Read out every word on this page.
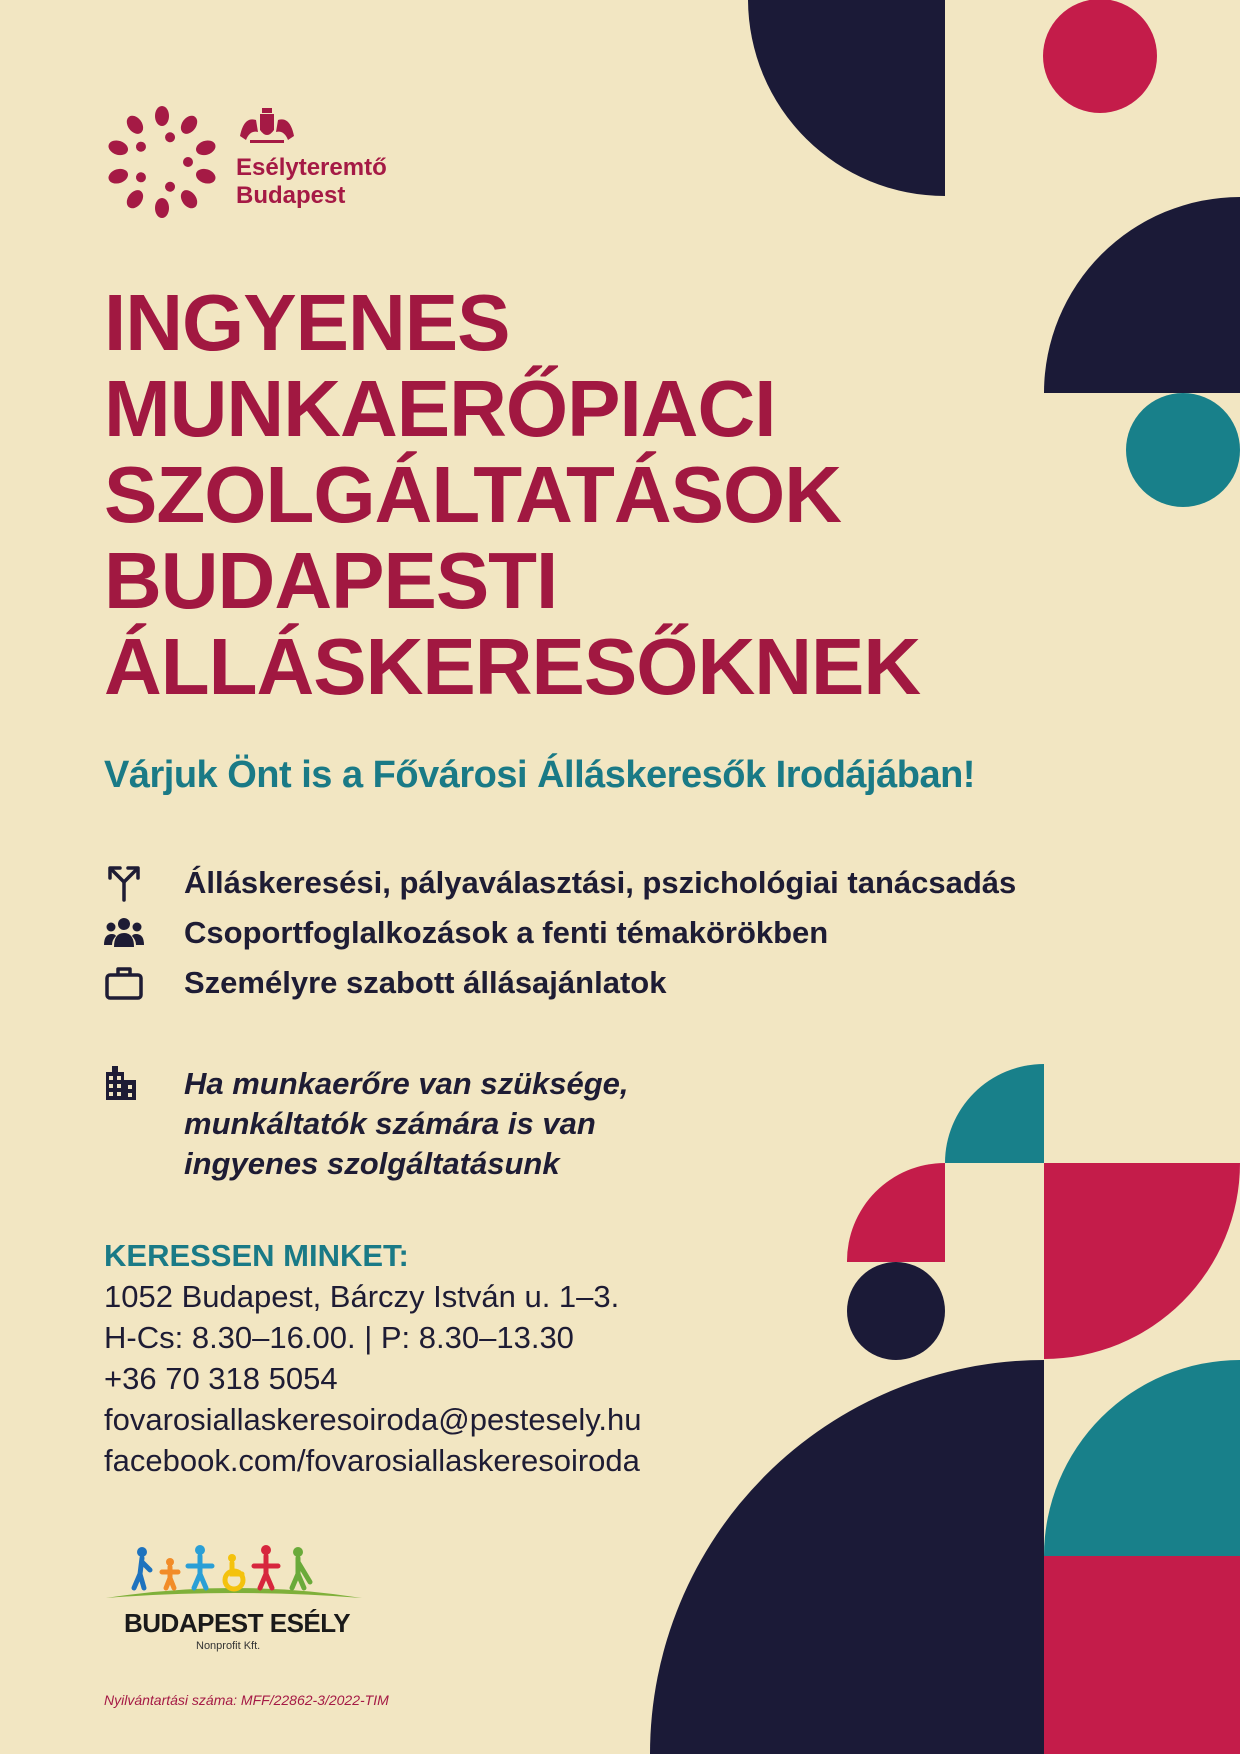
Esélyteremtő
Budapest
INGYENES
MUNKAERŐPIACI
SZOLGÁLTATÁSOK
BUDAPESTI
ÁLLÁSKERESŐKNEK
Várjuk Önt is a Fővárosi Álláskeresők Irodájában!
Álláskeresési, pályaválasztási, pszichológiai tanácsadás
Csoportfoglalkozások a fenti témakörökben
Személyre szabott állásajánlatok
Ha munkaerőre van szüksége,
munkáltatók számára is van
ingyenes szolgáltatásunk
KERESSEN MINKET:
1052 Budapest, Bárczy István u. 1–3.
H-Cs: 8.30–16.00. | P: 8.30–13.30
+36 70 318 5054
fovarosiallaskeresoiroda@pestesely.hu
facebook.com/fovarosiallaskeresoiroda
BUDAPEST ESÉLY
Nonprofit Kft.
Nyilvántartási száma: MFF/22862-3/2022-TIM
